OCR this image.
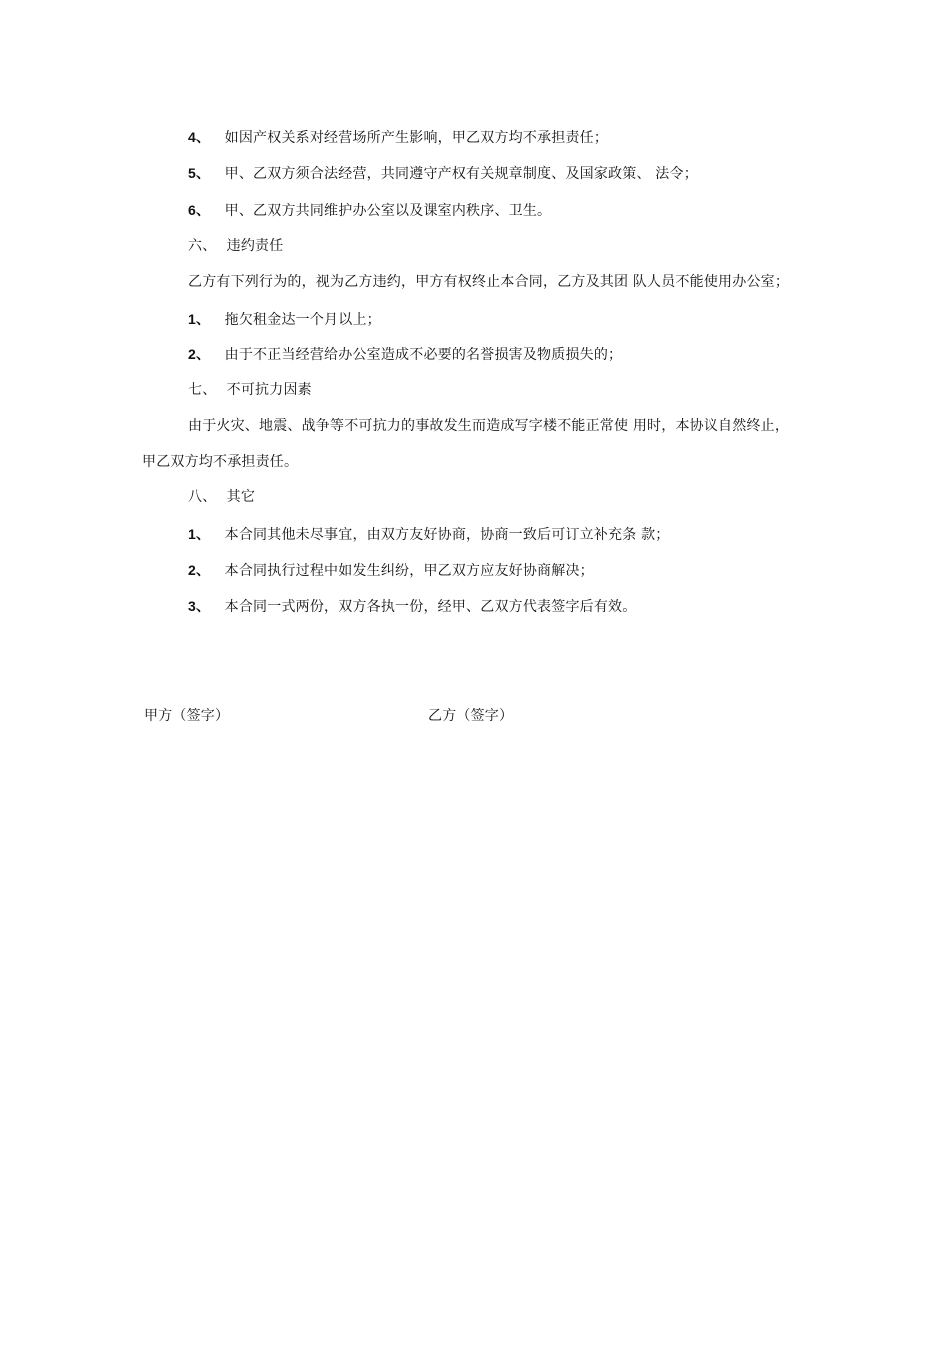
4、 如因产权关系对经营场所产生影响，甲乙双方均不承担责任；
5、 甲、乙双方须合法经营，共同遵守产权有关规章制度、及国家政策、 法令；
6、 甲、乙双方共同维护办公室以及课室内秩序、卫生。
六、 违约责任
乙方有下列行为的，视为乙方违约，甲方有权终止本合同，乙方及其团 队人员不能使用办公室；
1、 拖欠租金达一个月以上；
2、 由于不正当经营给办公室造成不必要的名誉损害及物质损失的；
七、 不可抗力因素
由于火灾、地震、战争等不可抗力的事故发生而造成写字楼不能正常使 用时，本协议自然终止，
甲乙双方均不承担责任。
八、 其它
1、 本合同其他未尽事宜，由双方友好协商，协商一致后可订立补充条 款；
2、 本合同执行过程中如发生纠纷，甲乙双方应友好协商解决；
3、 本合同一式两份，双方各执一份，经甲、乙双方代表签字后有效。
甲方（签字）	乙方（签字）
